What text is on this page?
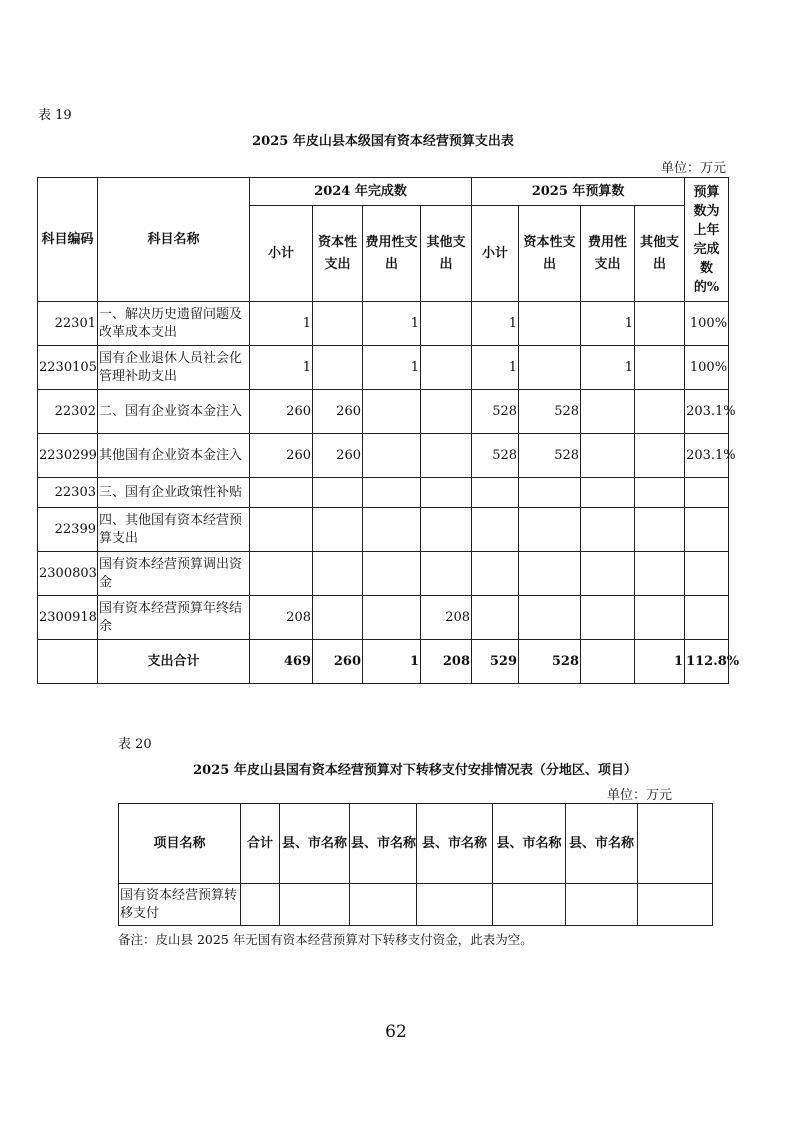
表 19
2025 年皮山县本级国有资本经营预算支出表
单位：万元
科目编码	科目名称	2024 年完成数				2025 年预算数				预算数为上年完成数的%
		小计	资本性支出	费用性支出	其他支出	小计	资本性支出	费用性支出	其他支出	
22301	一、解决历史遗留问题及改革成本支出	1		1		1		1		100%
2230105	国有企业退休人员社会化管理补助支出	1		1		1		1		100%
22302	二、国有企业资本金注入	260	260			528	528			203.1%
2230299	其他国有企业资本金注入	260	260			528	528			203.1%
22303	三、国有企业政策性补贴									
22399	四、其他国有资本经营预算支出									
2300803	国有资本经营预算调出资金									
2300918	国有资本经营预算年终结余	208			208					
	支出合计	469	260	1	208	529	528		1	112.8%
表 20
2025 年皮山县国有资本经营预算对下转移支付安排情况表（分地区、项目）
单位：万元
项目名称	合计	县、市名称	县、市名称	县、市名称	县、市名称	县、市名称	
国有资本经营预算转移支付							
备注：皮山县 2025 年无国有资本经营预算对下转移支付资金，此表为空。
62
